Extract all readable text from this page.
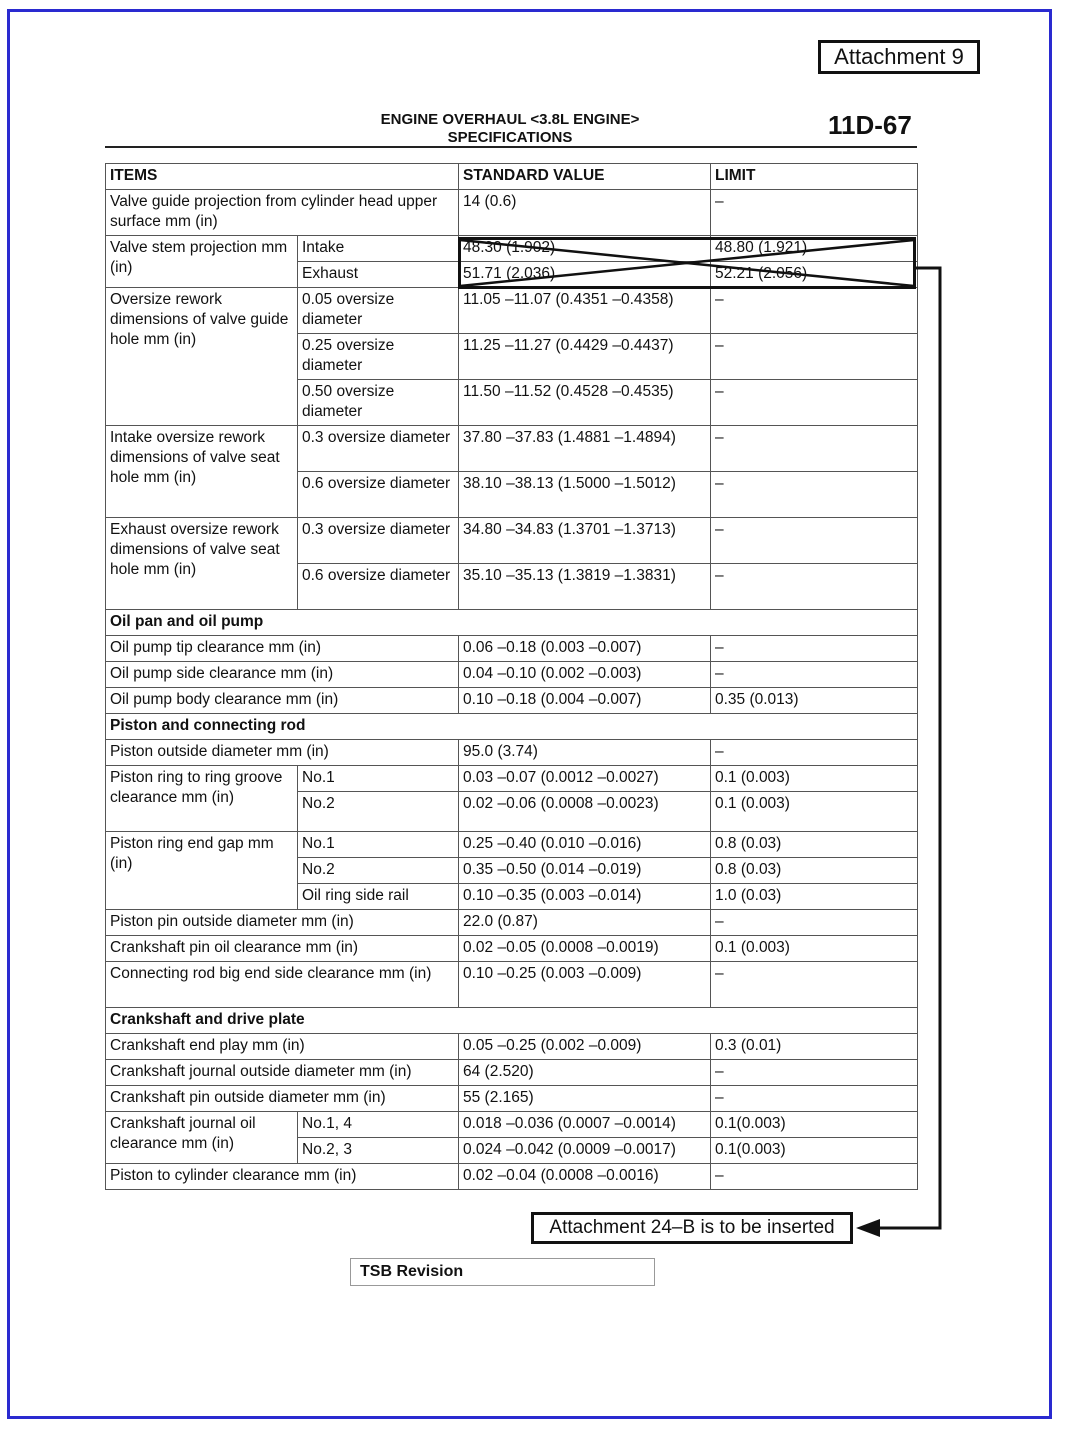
Attachment 9
ENGINE OVERHAUL <3.8L ENGINE>
SPECIFICATIONS	11D-67
ITEMS		STANDARD VALUE	LIMIT
Valve guide projection from cylinder head upper surface mm (in)		14 (0.6)	–
Valve stem projection mm (in)	Intake	48.30 (1.902)	48.80 (1.921)
	Exhaust	51.71 (2.036)	52.21 (2.056)
Oversize rework dimensions of valve guide hole mm (in)	0.05 oversize diameter	11.05 –11.07 (0.4351 –0.4358)	–
	0.25 oversize diameter	11.25 –11.27 (0.4429 –0.4437)	–
	0.50 oversize diameter	11.50 –11.52 (0.4528 –0.4535)	–
Intake oversize rework dimensions of valve seat hole mm (in)	0.3 oversize diameter	37.80 –37.83 (1.4881 –1.4894)	–
	0.6 oversize diameter	38.10 –38.13 (1.5000 –1.5012)	–
Exhaust oversize rework dimensions of valve seat hole mm (in)	0.3 oversize diameter	34.80 –34.83 (1.3701 –1.3713)	–
	0.6 oversize diameter	35.10 –35.13 (1.3819 –1.3831)	–
Oil pan and oil pump			
Oil pump tip clearance mm (in)		0.06 –0.18 (0.003 –0.007)	–
Oil pump side clearance mm (in)		0.04 –0.10 (0.002 –0.003)	–
Oil pump body clearance mm (in)		0.10 –0.18 (0.004 –0.007)	0.35 (0.013)
Piston and connecting rod			
Piston outside diameter mm (in)		95.0 (3.74)	–
Piston ring to ring groove clearance mm (in)	No.1	0.03 –0.07 (0.0012 –0.0027)	0.1 (0.003)
	No.2	0.02 –0.06 (0.0008 –0.0023)	0.1 (0.003)
Piston ring end gap mm (in)	No.1	0.25 –0.40 (0.010 –0.016)	0.8 (0.03)
	No.2	0.35 –0.50 (0.014 –0.019)	0.8 (0.03)
	Oil ring side rail	0.10 –0.35 (0.003 –0.014)	1.0 (0.03)
Piston pin outside diameter mm (in)		22.0 (0.87)	–
Crankshaft pin oil clearance mm (in)		0.02 –0.05 (0.0008 –0.0019)	0.1 (0.003)
Connecting rod big end side clearance mm (in)		0.10 –0.25 (0.003 –0.009)	–
Crankshaft and drive plate			
Crankshaft end play mm (in)		0.05 –0.25 (0.002 –0.009)	0.3 (0.01)
Crankshaft journal outside diameter mm (in)		64 (2.520)	–
Crankshaft pin outside diameter mm (in)		55 (2.165)	–
Crankshaft journal oil clearance mm (in)	No.1, 4	0.018 –0.036 (0.0007 –0.0014)	0.1(0.003)
	No.2, 3	0.024 –0.042 (0.0009 –0.0017)	0.1(0.003)
Piston to cylinder clearance mm (in)		0.02 –0.04 (0.0008 –0.0016)	–
Attachment 24–B is to be inserted
TSB Revision
